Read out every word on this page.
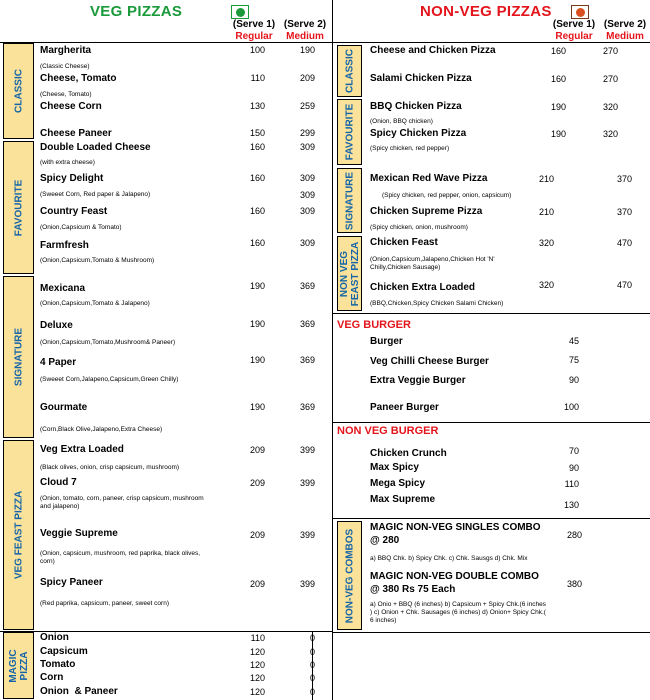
VEG PIZZAS
(Serve 1)
Regular
(Serve 2)
Medium
NON-VEG PIZZAS
(Serve 1)
Regular
(Serve 2)
Medium
CLASSIC
FAVOURITE
SIGNATURE
VEG FEAST PIZZA
MAGIC PIZZA
CLASSIC
FAVOURITE
SIGNATURE
NON VEG FEAST PIZZA
NON-VEG COMBOS
Margherita
(Classic Cheese)
100	190
Cheese, Tomato
(Cheese, Tomato)
110	209
Cheese Corn	130	259
Cheese Paneer	150	299
Double Loaded Cheese
(with extra cheese)
160	309
Spicy Delight
(Sweeet Corn, Red paper & Jalapeno)
160	309
309
Country Feast
(Onion,Capsicum & Tomato)
160	309
Farmfresh
(Onion,Capsicum,Tomato & Mushroom)
160	309
Mexicana
(Onion,Capsicum,Tomato & Jalapeno)
190	369
Deluxe
(Onion,Capsicum,Tomato,Mushroom& Paneer)
190	369
4 Paper
(Sweeet Corn,Jalapeno,Capsicum,Green Chilly)
190	369
Gourmate
(Corn,Black Olive,Jalapeno,Extra Cheese)
190	369
Veg Extra Loaded
(Black olives, onion, crisp capsicum, mushroom)
209	399
Cloud 7
(Onion, tomato, corn, paneer, crisp capsicum, mushroom and jalapeno)
209	399
Veggie Supreme
(Onion, capsicum, mushroom, red paprika, black olives, corn)
209	399
Spicy Paneer
(Red paprika, capsicum, paneer, sweet corn)
209	399
Onion	110	0
Capsicum	120	0
Tomato	120	0
Corn	120	0
Onion  & Paneer	120	0
Cheese and Chicken Pizza	160	270
Salami Chicken Pizza	160	270
BBQ Chicken Pizza
(Onion, BBQ chicken)
190	320
Spicy Chicken Pizza
(Spicy chicken, red pepper)
190	320
Mexican Red Wave Pizza
(Spicy chicken, red pepper, onion, capsicum)
210	370
Chicken Supreme Pizza
(Spicy chicken, onion, mushroom)
210	370
Chicken Feast
(Onion,Capsicum,Jalapeno,Chicken Hot 'N' Chilly,Chicken Sausage)
320	470
Chicken Extra Loaded
(BBQ,Chicken,Spicy Chicken Salami Chicken)
320	470
VEG BURGER
Burger	45
Veg Chilli Cheese Burger	75
Extra Veggie Burger	90
Paneer Burger	100
NON VEG BURGER
Chicken Crunch	70
Max Spicy	90
Mega Spicy	110
Max Supreme	130
MAGIC NON-VEG SINGLES COMBO
@ 280
a) BBQ Chk. b) Spicy Chk. c) Chk. Sausgs d) Chk. Mix
280
MAGIC NON-VEG DOUBLE COMBO
@ 380 Rs 75 Each
a) Onio + BBQ (6 inches) b) Capsicum + Spicy Chk.(6 inches ) c) Onion + Chk. Sausages (6 inches) d) Onion+ Spicy Chk.( 6 inches)
380
